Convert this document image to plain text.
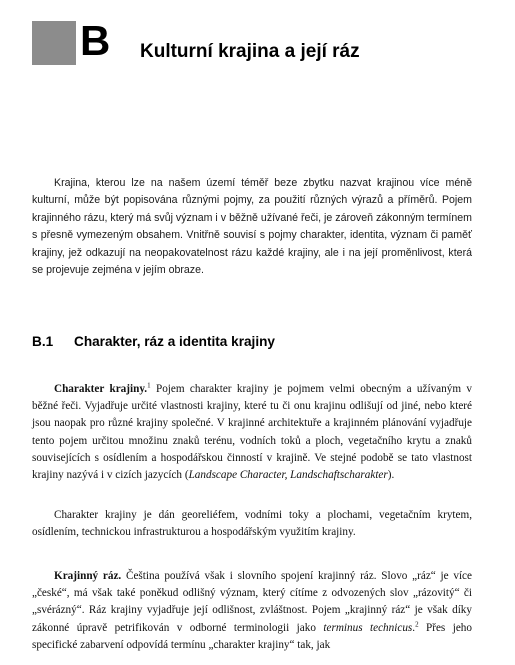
B Kulturní krajina a její ráz

Krajina, kterou lze na našem území téměř beze zbytku nazvat krajinou více méně kulturní, může být popisována různými pojmy, za použití různých výrazů a příměrů. Pojem krajinného rázu, který má svůj význam i v běžně užívané řeči, je zároveň zákonným termínem s přesně vymezeným obsahem. Vnitřně souvisí s pojmy charakter, identita, význam či paměť krajiny, jež odkazují na neopakovatelnost rázu každé krajiny, ale i na její proměnlivost, která se projevuje zejména v jejím obraze.

B.1 Charakter, ráz a identita krajiny

Charakter krajiny.$^1$ Pojem charakter krajiny je pojmem velmi obecným a užívaným v běžné řeči. Vyjadřuje určité vlastnosti krajiny, které tu či onu krajinu odlišují od jiné, nebo které jsou naopak pro různé krajiny společné. V krajinné architektuře a krajinném plánování vyjadřuje tento pojem určitou množinu znaků terénu, vodních toků a ploch, vegetačního krytu a znaků souvisejících s osídlením a hospodářskou činností v krajině. Ve stejné podobě se tato vlastnost krajiny nazývá i v cizích jazycích (Landscape Character, Landschaftscharakter).

Charakter krajiny je dán georeliéfem, vodními toky a plochami, vegetačním krytem, osídlením, technickou infrastrukturou a hospodářským využitím krajiny.

Krajinný ráz. Čeština používá však i slovního spojení krajinný ráz. Slovo „ráz“ je více „české“, má však také poněkud odlišný význam, který cítíme z odvozených slov „rázovitý“ či „svérázný“. Ráz krajiny vyjadřuje její odlišnost, zvláštnost. Pojem „krajinný ráz“ je však díky zákonné úpravě petrifikován v odborné terminologii jako terminus technicus.$^2$ Přes jeho specifické zabarvení odpovídá termínu „charakter krajiny“ tak, jak
